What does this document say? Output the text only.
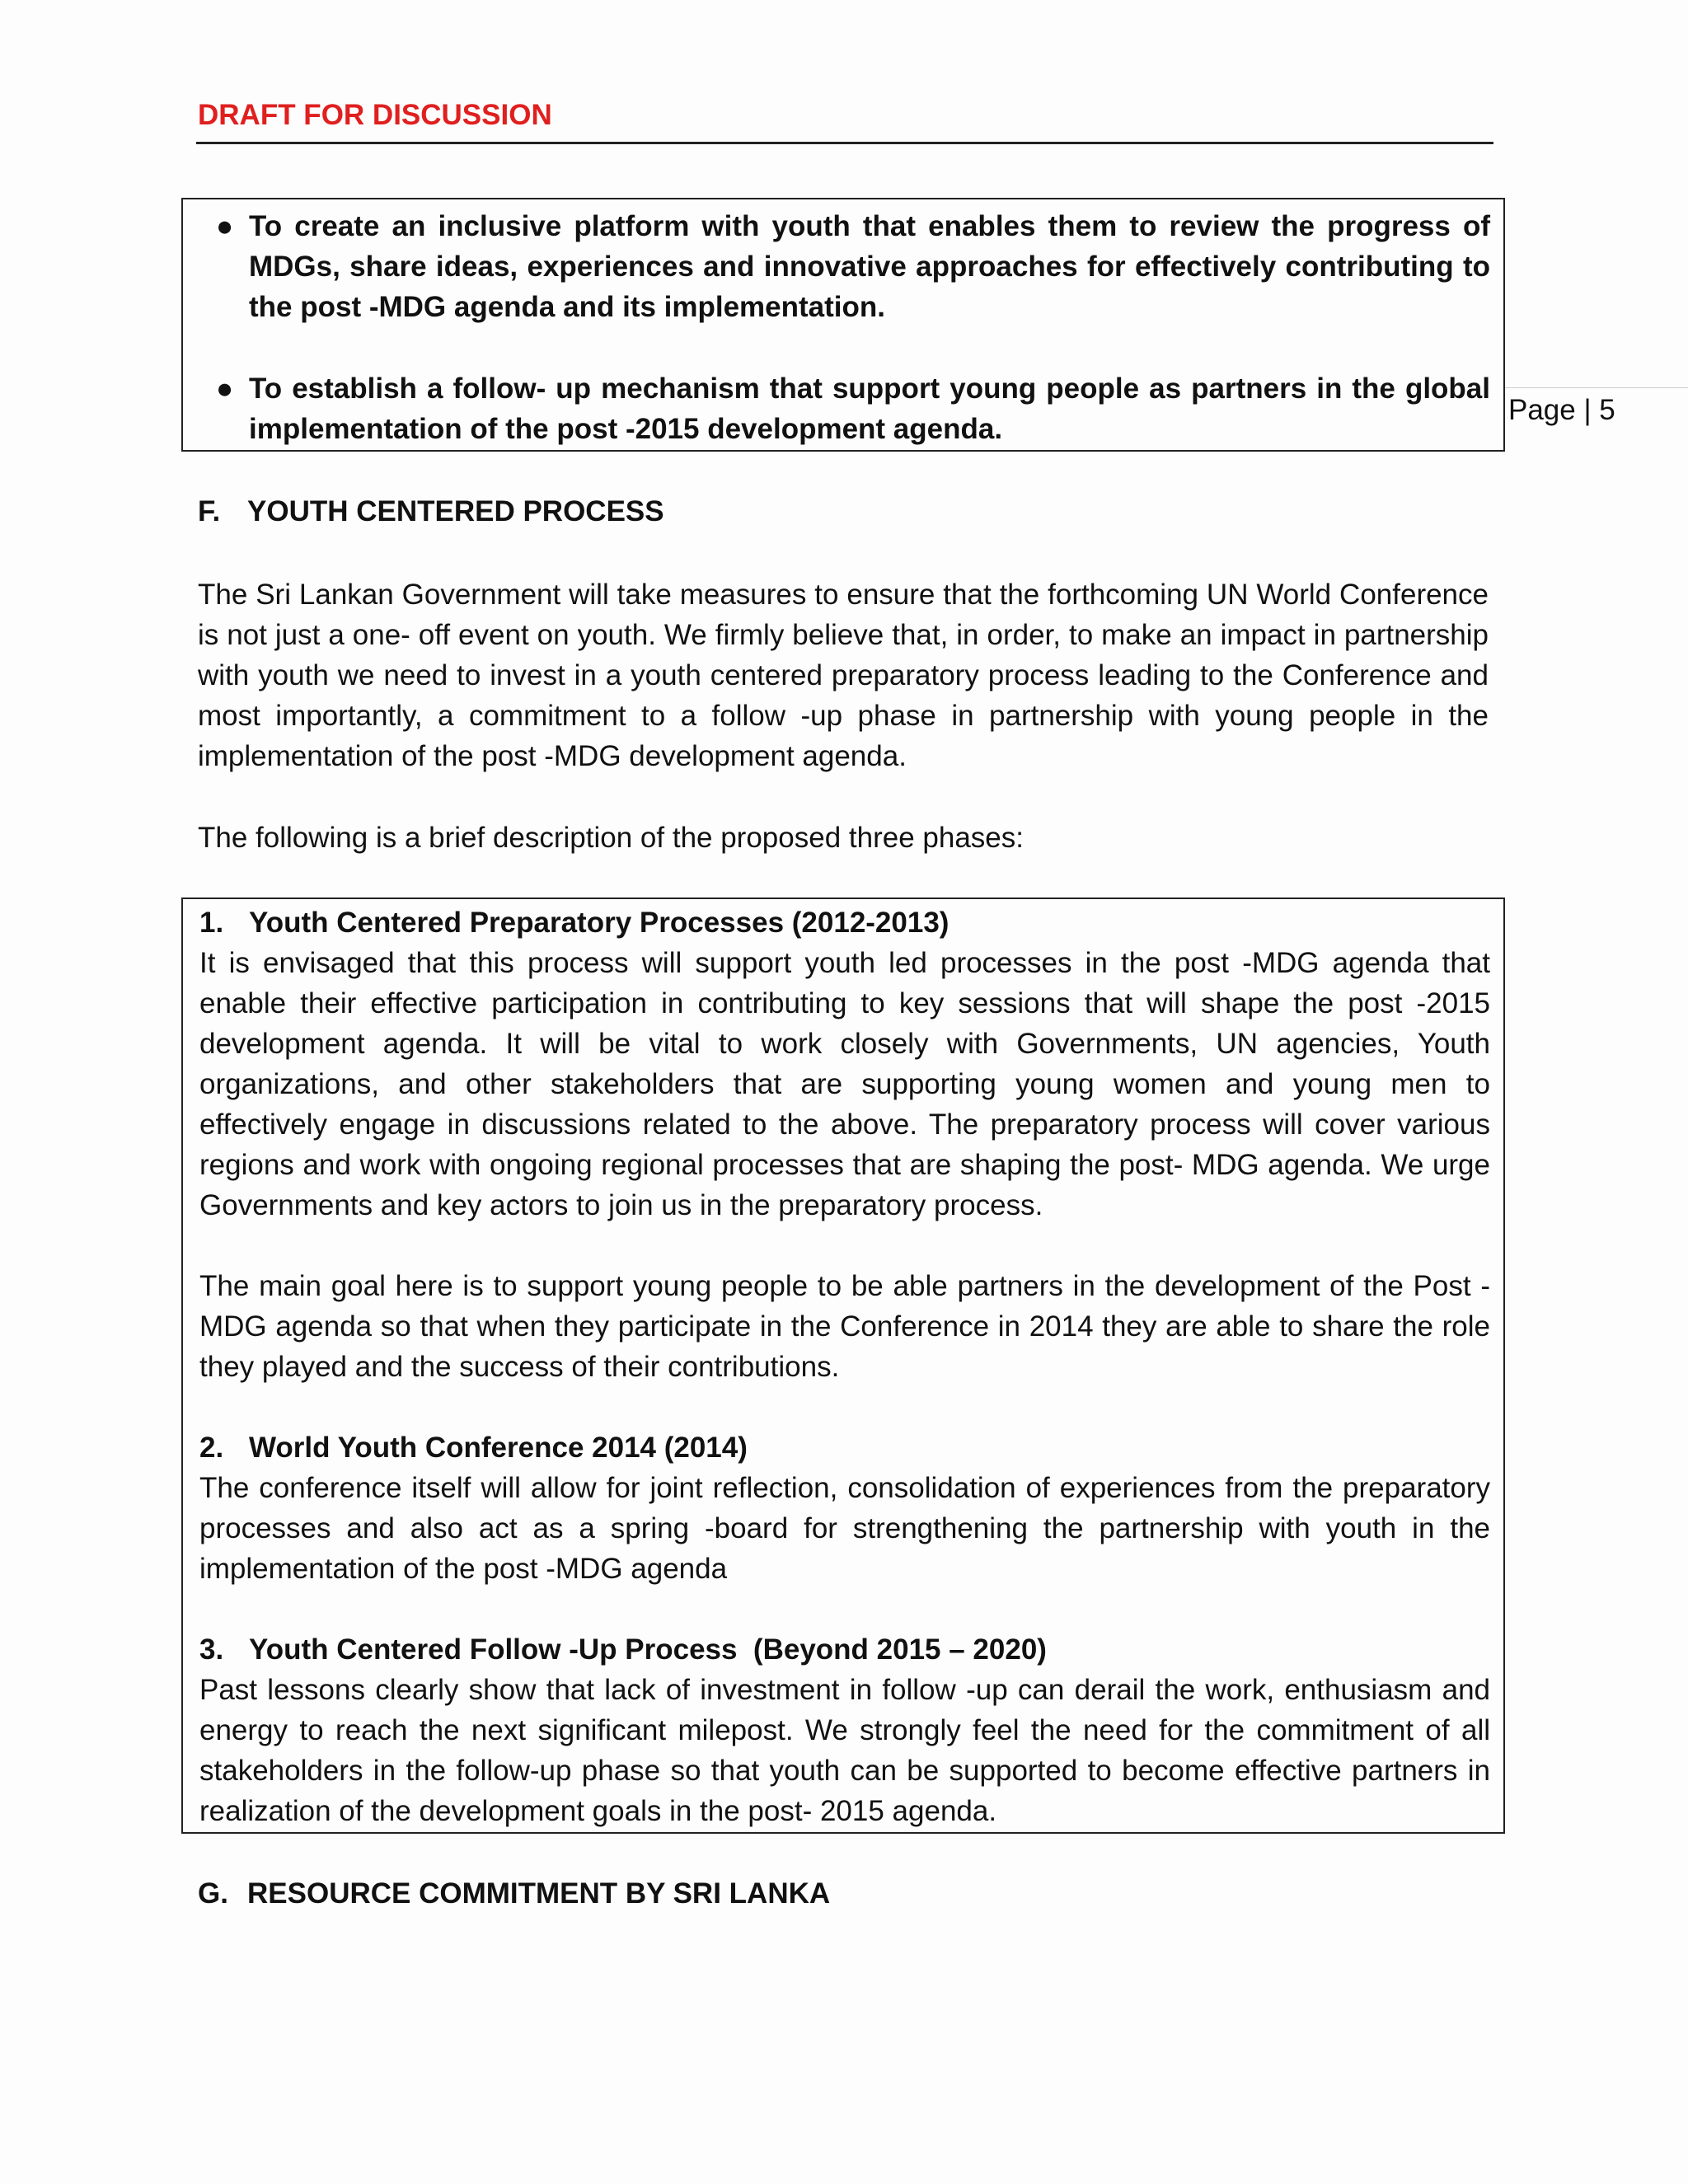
DRAFT FOR DISCUSSION
Page | 5
● To create an inclusive platform with youth that enables them to review the progress of MDGs, share ideas, experiences and innovative approaches for effectively contributing to the post -MDG agenda and its implementation.
● To establish a follow- up mechanism that support young people as partners in the global implementation of the post -2015 development agenda.
F. YOUTH CENTERED PROCESS
The Sri Lankan Government will take measures to ensure that the forthcoming UN World Conference is not just a one- off event on youth. We firmly believe that, in order, to make an impact in partnership with youth we need to invest in a youth centered preparatory process leading to the Conference and most importantly, a commitment to a follow -up phase in partnership with young people in the implementation of the post -MDG development agenda.
The following is a brief description of the proposed three phases:
1. Youth Centered Preparatory Processes (2012-2013)
It is envisaged that this process will support youth led processes in the post -MDG agenda that enable their effective participation in contributing to key sessions that will shape the post -2015 development agenda. It will be vital to work closely with Governments, UN agencies, Youth organizations, and other stakeholders that are supporting young women and young men to effectively engage in discussions related to the above. The preparatory process will cover various regions and work with ongoing regional processes that are shaping the post- MDG agenda. We urge Governments and key actors to join us in the preparatory process.
The main goal here is to support young people to be able partners in the development of the Post -MDG agenda so that when they participate in the Conference in 2014 they are able to share the role they played and the success of their contributions.
2. World Youth Conference 2014 (2014)
The conference itself will allow for joint reflection, consolidation of experiences from the preparatory processes and also act as a spring -board for strengthening the partnership with youth in the implementation of the post -MDG agenda
3. Youth Centered Follow -Up Process  (Beyond 2015 – 2020)
Past lessons clearly show that lack of investment in follow -up can derail the work, enthusiasm and energy to reach the next significant milepost. We strongly feel the need for the commitment of all stakeholders in the follow-up phase so that youth can be supported to become effective partners in realization of the development goals in the post- 2015 agenda.
G. RESOURCE COMMITMENT BY SRI LANKA
